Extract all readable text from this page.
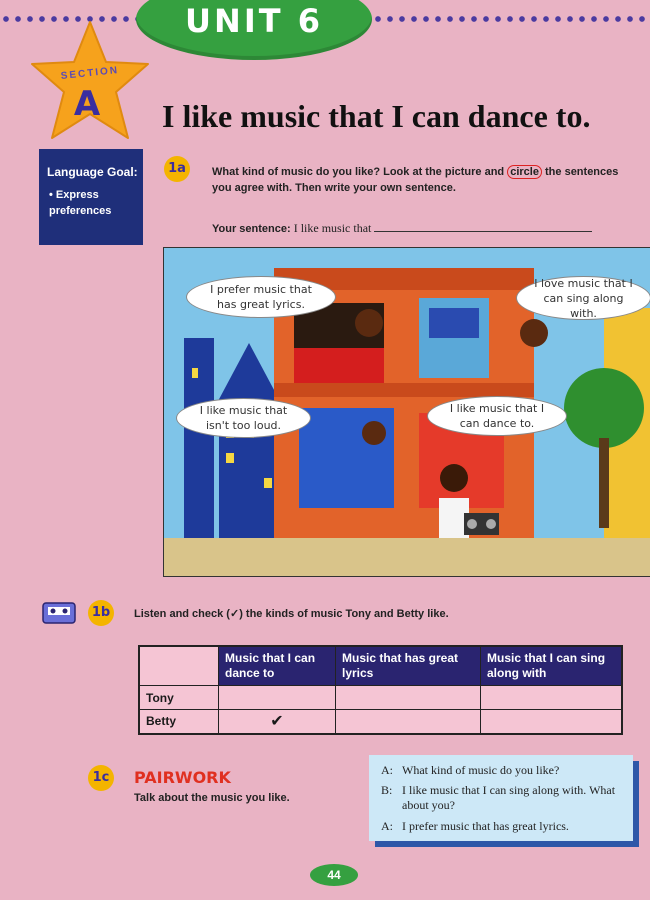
UNIT 6
SECTION
A
Language Goal:
• Express preferences
I like music that I can dance to.
1a	What kind of music do you like? Look at the picture and circle the sentences you agree with. Then write your own sentence.
Your sentence: I like music that
I prefer music that has great lyrics.
I love music that I can sing along with.
I like music that isn't too loud.
I like music that I can dance to.
1b	Listen and check (✓) the kinds of music Tony and Betty like.
	Music that I can dance to	Music that has great lyrics	Music that I can sing along with
Tony			
Betty	✔		
1c PAIRWORK
Talk about the music you like.
A: What kind of music do you like?
B: I like music that I can sing along with. What about you?
A: I prefer music that has great lyrics.
44
